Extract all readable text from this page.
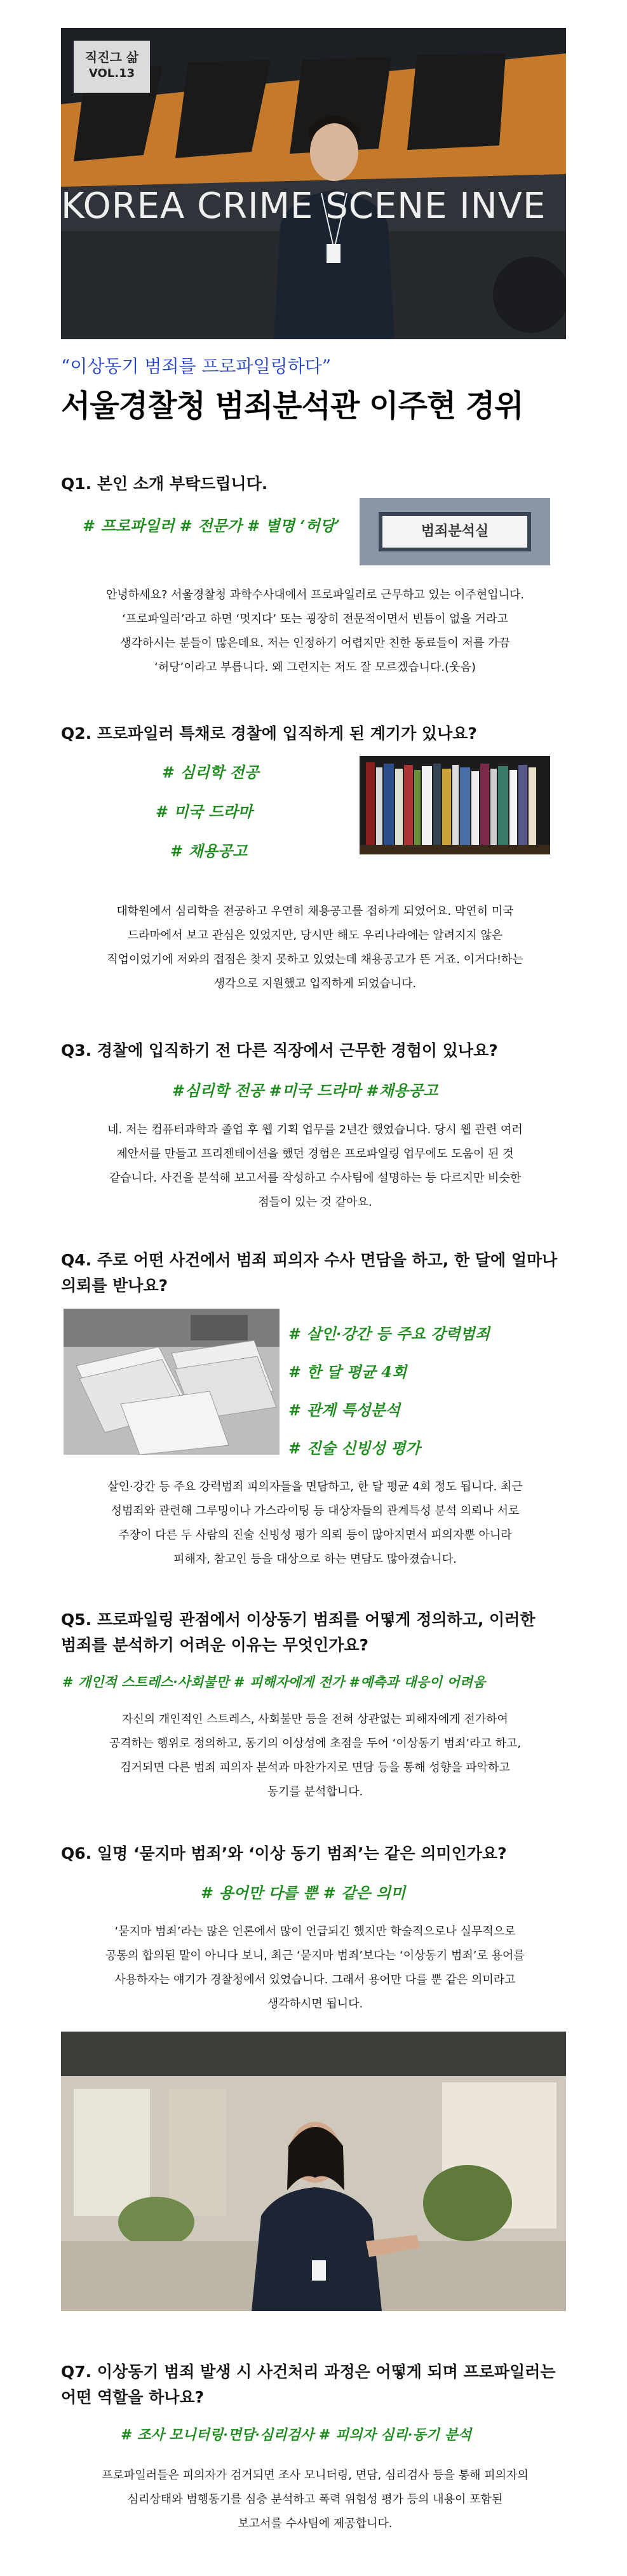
KOREA CRIME SCENE INVE
직진그 삶
VOL.13
“이상동기 범죄를 프로파일링하다”
서울경찰청 범죄분석관 이주현 경위
Q1. 본인 소개 부탁드립니다.
# 프로파일러 # 전문가 # 별명 ‘허당’	범죄분석실
안녕하세요? 서울경찰청 과학수사대에서 프로파일러로 근무하고 있는 이주현입니다.
‘프로파일러’라고 하면 ‘멋지다’ 또는 굉장히 전문적이면서 빈틈이 없을 거라고
생각하시는 분들이 많은데요. 저는 인정하기 어렵지만 친한 동료들이 저를 가끔
‘허당’이라고 부릅니다. 왜 그런지는 저도 잘 모르겠습니다.(웃음)
Q2. 프로파일러 특채로 경찰에 입직하게 된 계기가 있나요?
# 심리학 전공
# 미국 드라마
# 채용공고
대학원에서 심리학을 전공하고 우연히 채용공고를 접하게 되었어요. 막연히 미국
드라마에서 보고 관심은 있었지만, 당시만 해도 우리나라에는 알려지지 않은
직업이었기에 저와의 접점은 찾지 못하고 있었는데 채용공고가 뜬 거죠. 이거다!하는
생각으로 지원했고 입직하게 되었습니다.
Q3. 경찰에 입직하기 전 다른 직장에서 근무한 경험이 있나요?
#심리학 전공 #미국 드라마 #채용공고
네. 저는 컴퓨터과학과 졸업 후 웹 기획 업무를 2년간 했었습니다. 당시 웹 관련 여러
제안서를 만들고 프리젠테이션을 했던 경험은 프로파일링 업무에도 도움이 된 것
같습니다. 사건을 분석해 보고서를 작성하고 수사팀에 설명하는 등 다르지만 비슷한
점들이 있는 것 같아요.
Q4. 주로 어떤 사건에서 범죄 피의자 수사 면담을 하고, 한 달에 얼마나
의뢰를 받나요?
# 살인·강간 등 주요 강력범죄
# 한 달 평균 4회
# 관계 특성분석
# 진술 신빙성 평가
살인·강간 등 주요 강력범죄 피의자들을 면담하고, 한 달 평균 4회 정도 됩니다. 최근
성범죄와 관련해 그루밍이나 가스라이팅 등 대상자들의 관계특성 분석 의뢰나 서로
주장이 다른 두 사람의 진술 신빙성 평가 의뢰 등이 많아지면서 피의자뿐 아니라
피해자, 참고인 등을 대상으로 하는 면담도 많아졌습니다.
Q5. 프로파일링 관점에서 이상동기 범죄를 어떻게 정의하고, 이러한
범죄를 분석하기 어려운 이유는 무엇인가요?
# 개인적 스트레스·사회불만 # 피해자에게 전가 #예측과 대응이 어려움
자신의 개인적인 스트레스, 사회불만 등을 전혀 상관없는 피해자에게 전가하여
공격하는 행위로 정의하고, 동기의 이상성에 초점을 두어 ‘이상동기 범죄’라고 하고,
검거되면 다른 범죄 피의자 분석과 마찬가지로 면담 등을 통해 성향을 파악하고
동기를 분석합니다.
Q6. 일명 ‘묻지마 범죄’와 ‘이상 동기 범죄’는 같은 의미인가요?
# 용어만 다를 뿐 # 같은 의미
‘묻지마 범죄’라는 많은 언론에서 많이 언급되긴 했지만 학술적으로나 실무적으로
공통의 합의된 말이 아니다 보니, 최근 ‘묻지마 범죄’보다는 ‘이상동기 범죄’로 용어를
사용하자는 얘기가 경찰청에서 있었습니다. 그래서 용어만 다를 뿐 같은 의미라고
생각하시면 됩니다.
Q7. 이상동기 범죄 발생 시 사건처리 과정은 어떻게 되며 프로파일러는
어떤 역할을 하나요?
# 조사 모니터링·면담·심리검사 # 피의자 심리·동기 분석
프로파일러들은 피의자가 검거되면 조사 모니터링, 면담, 심리검사 등을 통해 피의자의
심리상태와 범행동기를 심층 분석하고 폭력 위험성 평가 등의 내용이 포함된
보고서를 수사팀에 제공합니다.
